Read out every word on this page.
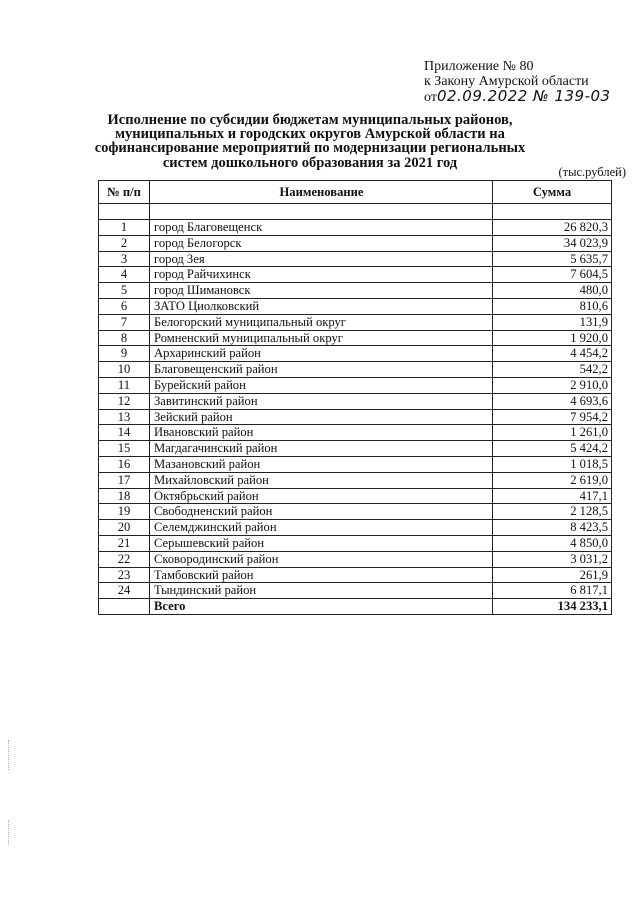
Приложение № 80
к Закону Амурской области
от02.09.2022 № 139-03
Исполнение по субсидии бюджетам муниципальных районов, муниципальных и городских округов Амурской области на софинансирование мероприятий по модернизации региональных систем дошкольного образования за 2021 год
(тыс.рублей)
№ п/п	Наименование	Сумма

1	город Благовещенск	26 820,3
2	город Белогорск	34 023,9
3	город Зея	5 635,7
4	город Райчихинск	7 604,5
5	город Шимановск	480,0
6	ЗАТО Циолковский	810,6
7	Белогорский муниципальный округ	131,9
8	Ромненский муниципальный округ	1 920,0
9	Архаринский район	4 454,2
10	Благовещенский район	542,2
11	Бурейский район	2 910,0
12	Завитинский район	4 693,6
13	Зейский район	7 954,2
14	Ивановский район	1 261,0
15	Магдагачинский район	5 424,2
16	Мазановский район	1 018,5
17	Михайловский район	2 619,0
18	Октябрьский район	417,1
19	Свободненский район	2 128,5
20	Селемджинский район	8 423,5
21	Серышевский район	4 850,0
22	Сковородинский район	3 031,2
23	Тамбовский район	261,9
24	Тындинский район	6 817,1
	Всего	134 233,1
